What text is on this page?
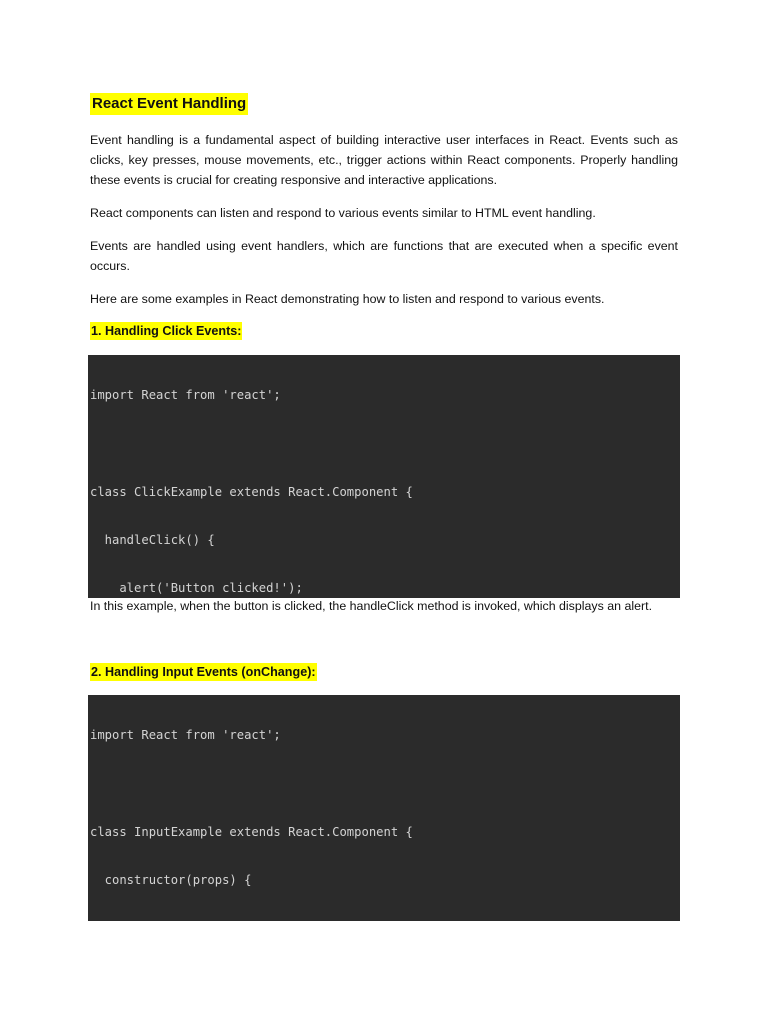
React Event Handling

Event handling is a fundamental aspect of building interactive user interfaces in React. Events such as clicks, key presses, mouse movements, etc., trigger actions within React components. Properly handling these events is crucial for creating responsive and interactive applications.

React components can listen and respond to various events similar to HTML event handling.

Events are handled using event handlers, which are functions that are executed when a specific event occurs.

Here are some examples in React demonstrating how to listen and respond to various events.

1. Handling Click Events:

import React from 'react';

class ClickExample extends React.Component {

handleClick() {

alert('Button clicked!');

In this example, when the button is clicked, the handleClick method is invoked, which displays an alert.
2. Handling Input Events (onChange):

import React from 'react';

class InputExample extends React.Component {

constructor(props) {
